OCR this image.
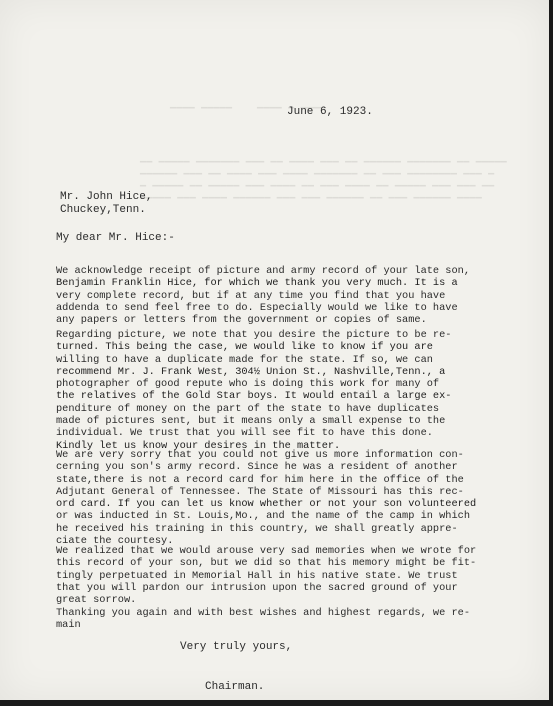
▁▁▁▁ ▁▁▁▁▁    ▁▁▁▁ ▁ ▁▁▁▁
▁▁ ▁▁▁▁▁ ▁▁▁▁▁▁▁ ▁▁▁ ▁▁ ▁▁▁▁ ▁▁▁ ▁▁ ▁▁▁▁▁▁ ▁▁▁▁▁▁▁ ▁▁ ▁▁▁▁▁
▁▁▁▁▁▁ ▁▁▁ ▁▁ ▁▁▁▁ ▁▁▁ ▁▁▁▁ ▁▁▁▁▁▁▁ ▁▁ ▁▁▁ ▁▁▁▁▁▁▁▁ ▁▁▁ ▁
▁ ▁▁▁▁▁ ▁▁ ▁▁▁▁▁ ▁▁▁ ▁▁▁▁ ▁▁ ▁▁▁ ▁▁▁▁ ▁▁ ▁▁▁▁▁ ▁▁▁ ▁▁▁ ▁▁
▁▁▁▁▁ ▁▁▁ ▁▁▁▁ ▁▁▁▁▁▁ ▁▁▁ ▁▁▁ ▁▁▁▁▁▁ ▁▁ ▁▁▁ ▁▁▁▁▁▁ ▁▁▁▁
June 6, 1923.
Mr. John Hice,
Chuckey,Tenn.
My dear Mr. Hice:-
We acknowledge receipt of picture and army record of your late son,
Benjamin Franklin Hice, for which we thank you very much. It is a
very complete record, but if at any time you find that you have
addenda to send feel free to do. Especially would we like to have
any papers or letters from the government or copies of same.
Regarding picture, we note that you desire the picture to be re-
turned. This being the case, we would like to know if you are
willing to have a duplicate made for the state. If so, we can
recommend Mr. J. Frank West, 304½ Union St., Nashville,Tenn., a
photographer of good repute who is doing this work for many of
the relatives of the Gold Star boys. It would entail a large ex-
penditure of money on the part of the state to have duplicates
made of pictures sent, but it means only a small expense to the
individual. We trust that you will see fit to have this done.
Kindly let us know your desires in the matter.
We are very sorry that you could not give us more information con-
cerning you son's army record. Since he was a resident of another
state,there is not a record card for him here in the office of the
Adjutant General of Tennessee. The State of Missouri has this rec-
ord card. If you can let us know whether or not your son volunteered
or was inducted in St. Louis,Mo., and the name of the camp in which
he received his training in this country, we shall greatly appre-
ciate the courtesy.
We realized that we would arouse very sad memories when we wrote for
this record of your son, but we did so that his memory might be fit-
tingly perpetuated in Memorial Hall in his native state. We trust
that you will pardon our intrusion upon the sacred ground of your
great sorrow.
Thanking you again and with best wishes and highest regards, we re-
main
Very truly yours,
Chairman.
